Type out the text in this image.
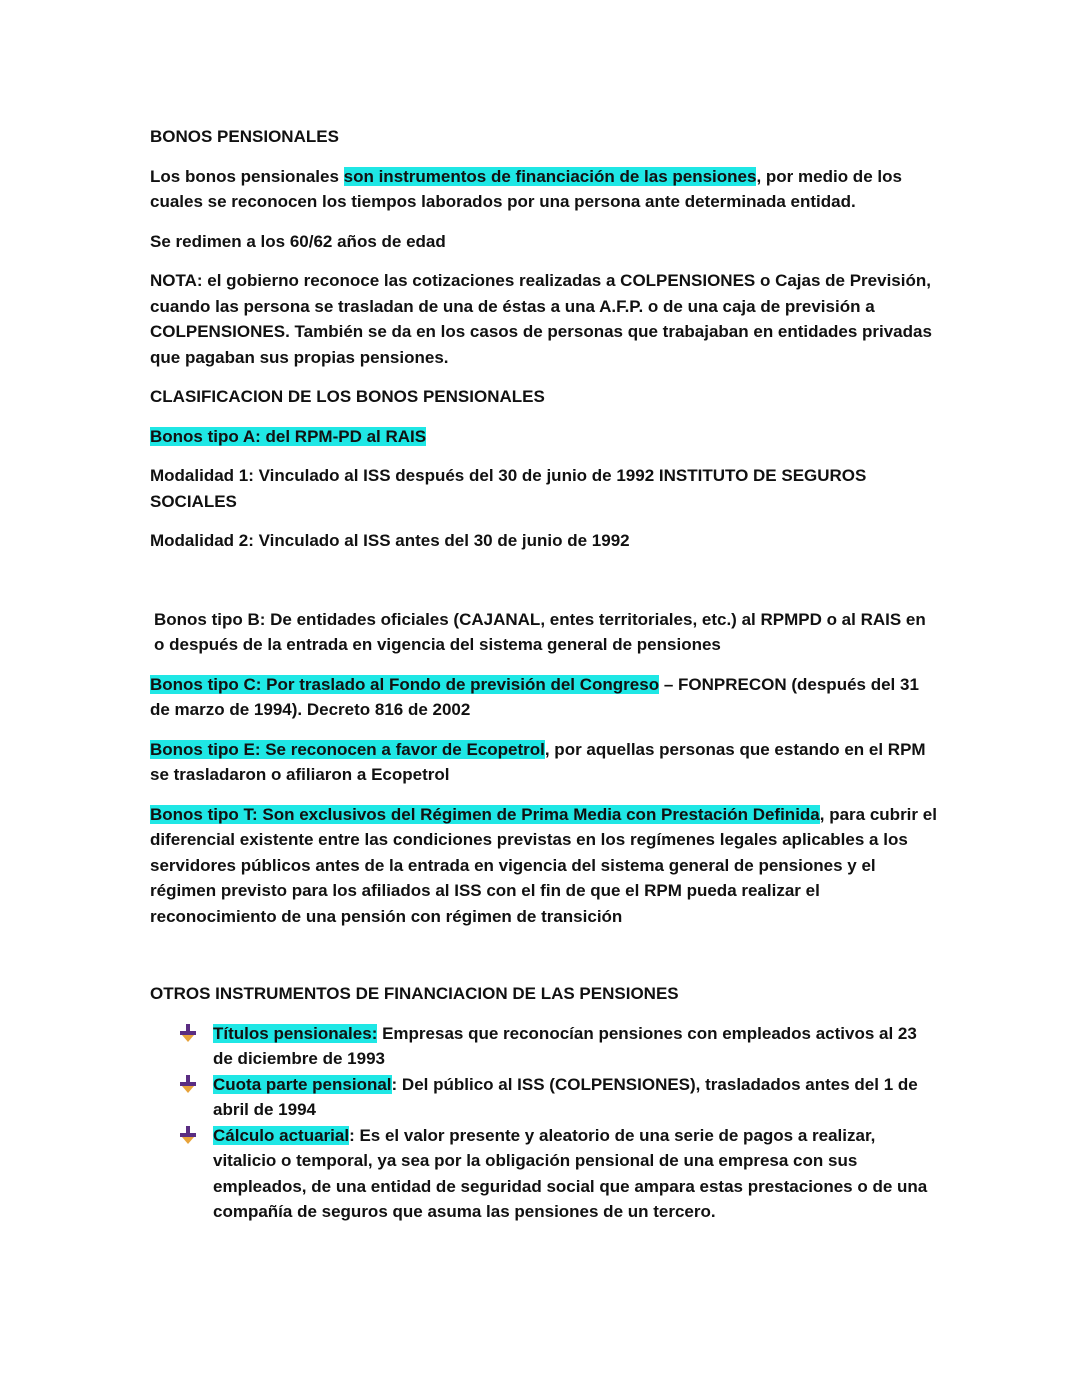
BONOS PENSIONALES

Los bonos pensionales son instrumentos de financiación de las pensiones, por medio de los cuales se reconocen los tiempos laborados por una persona ante determinada entidad.

Se redimen a los 60/62 años de edad

NOTA: el gobierno reconoce las cotizaciones realizadas a COLPENSIONES o Cajas de Previsión, cuando las persona se trasladan de una de éstas a una A.F.P. o de una caja de previsión a COLPENSIONES. También se da en los casos de personas que trabajaban en entidades privadas que pagaban sus propias pensiones.

CLASIFICACION DE LOS BONOS PENSIONALES

Bonos tipo A: del RPM-PD al RAIS

Modalidad 1: Vinculado al ISS después del 30 de junio de 1992 INSTITUTO DE SEGUROS SOCIALES

Modalidad 2: Vinculado al ISS antes del 30 de junio de 1992

Bonos tipo B: De entidades oficiales (CAJANAL, entes territoriales, etc.) al RPMPD o al RAIS en o después de la entrada en vigencia del sistema general de pensiones

Bonos tipo C: Por traslado al Fondo de previsión del Congreso – FONPRECON (después del 31 de marzo de 1994). Decreto 816 de 2002

Bonos tipo E: Se reconocen a favor de Ecopetrol, por aquellas personas que estando en el RPM se trasladaron o afiliaron a Ecopetrol

Bonos tipo T: Son exclusivos del Régimen de Prima Media con Prestación Definida, para cubrir el diferencial existente entre las condiciones previstas en los regímenes legales aplicables a los servidores públicos antes de la entrada en vigencia del sistema general de pensiones y el régimen previsto para los afiliados al ISS con el fin de que el RPM pueda realizar el reconocimiento de una pensión con régimen de transición

OTROS INSTRUMENTOS DE FINANCIACION DE LAS PENSIONES

Títulos pensionales: Empresas que reconocían pensiones con empleados activos al 23 de diciembre de 1993
Cuota parte pensional: Del público al ISS (COLPENSIONES), trasladados antes del 1 de abril de 1994
Cálculo actuarial: Es el valor presente y aleatorio de una serie de pagos a realizar, vitalicio o temporal, ya sea por la obligación pensional de una empresa con sus empleados, de una entidad de seguridad social que ampara estas prestaciones o de una compañía de seguros que asuma las pensiones de un tercero.
